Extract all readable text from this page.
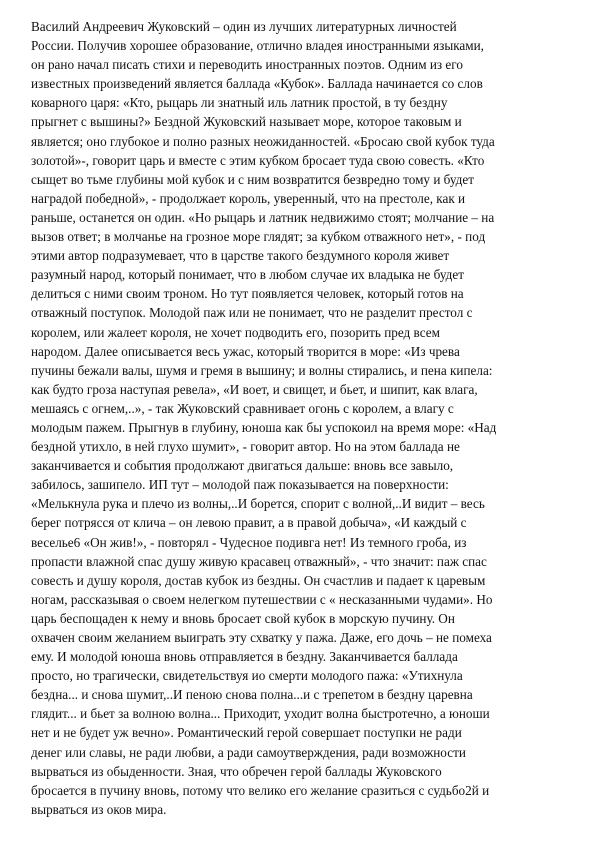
Василий Андреевич Жуковский – один из лучших литературных личностей
России. Получив хорошее образование, отлично владея иностранными языками,
он рано начал писать стихи и переводить иностранных поэтов. Одним из его
известных произведений является баллада «Кубок». Баллада начинается со слов
коварного царя: «Кто, рыцарь ли знатный иль латник простой, в ту бездну
прыгнет с вышины?» Бездной Жуковский называет море, которое таковым и
является; оно глубокое и полно разных неожиданностей. «Бросаю свой кубок туда
золотой»-, говорит царь и вместе с этим кубком бросает туда свою совесть. «Кто
сыщет во тьме глубины мой кубок и с ним возвратится безвредно тому и будет
наградой победной», - продолжает король, уверенный, что на престоле, как и
раньше, останется он один. «Но рыцарь и латник недвижимо стоят; молчание – на
вызов ответ; в молчанье на грозное море глядят; за кубком отважного нет», - под
этими автор подразумевает, что в царстве такого бездумного короля живет
разумный народ, который понимает, что в любом случае их владыка не будет
делиться с ними своим троном. Но тут появляется человек, который готов на
отважный поступок. Молодой паж или не понимает, что не разделит престол с
королем, или жалеет короля, не хочет подводить его, позорить пред всем
народом. Далее описывается весь ужас, который творится в море: «Из чрева
пучины бежали валы, шумя и гремя в вышину; и волны стирались, и пена кипела:
как будто гроза наступая ревела», «И воет, и свищет, и бьет, и шипит, как влага,
мешаясь с огнем,..», - так Жуковский сравнивает огонь с королем, а влагу с
молодым пажем. Прыгнув в глубину, юноша как бы успокоил на время море: «Над
бездной утихло, в ней глухо шумит», - говорит автор. Но на этом баллада не
заканчивается и события продолжают двигаться дальше: вновь все завыло,
забилось, зашипело. ИП тут – молодой паж показывается на поверхности:
«Мелькнула рука и плечо из волны,..И борется, спорит с волной,..И видит – весь
берег потрясся от клича – он левою правит, а в правой добыча», «И каждый с
веселье6 «Он жив!», - повторял - Чудесное подивга нет! Из темного гроба, из
пропасти влажной спас душу живую красавец отважный», - что значит: паж спас
совесть и душу короля, достав кубок из бездны. Он счастлив и падает к царевым
ногам, рассказывая о своем нелегком путешествии с « несказанными чудами». Но
царь беспощаден к нему и вновь бросает свой кубок в морскую пучину. Он
охвачен своим желанием выиграть эту схватку у пажа. Даже, его дочь – не помеха
ему. И молодой юноша вновь отправляется в бездну. Заканчивается баллада
просто, но трагически, свидетельствуя ио смерти молодого пажа: «Утихнула
бездна... и снова шумит,..И пеною снова полна...и с трепетом в бездну царевна
глядит... и бьет за волною волна... Приходит, уходит волна быстротечно, а юноши
нет и не будет уж вечно». Романтический герой совершает поступки не ради
денег или славы, не ради любви, а ради самоутверждения, ради возможности
вырваться из обыденности. Зная, что обречен герой баллады Жуковского
бросается в пучину вновь, потому что велико его желание сразиться с судьбо2й и
вырваться из оков мира.
